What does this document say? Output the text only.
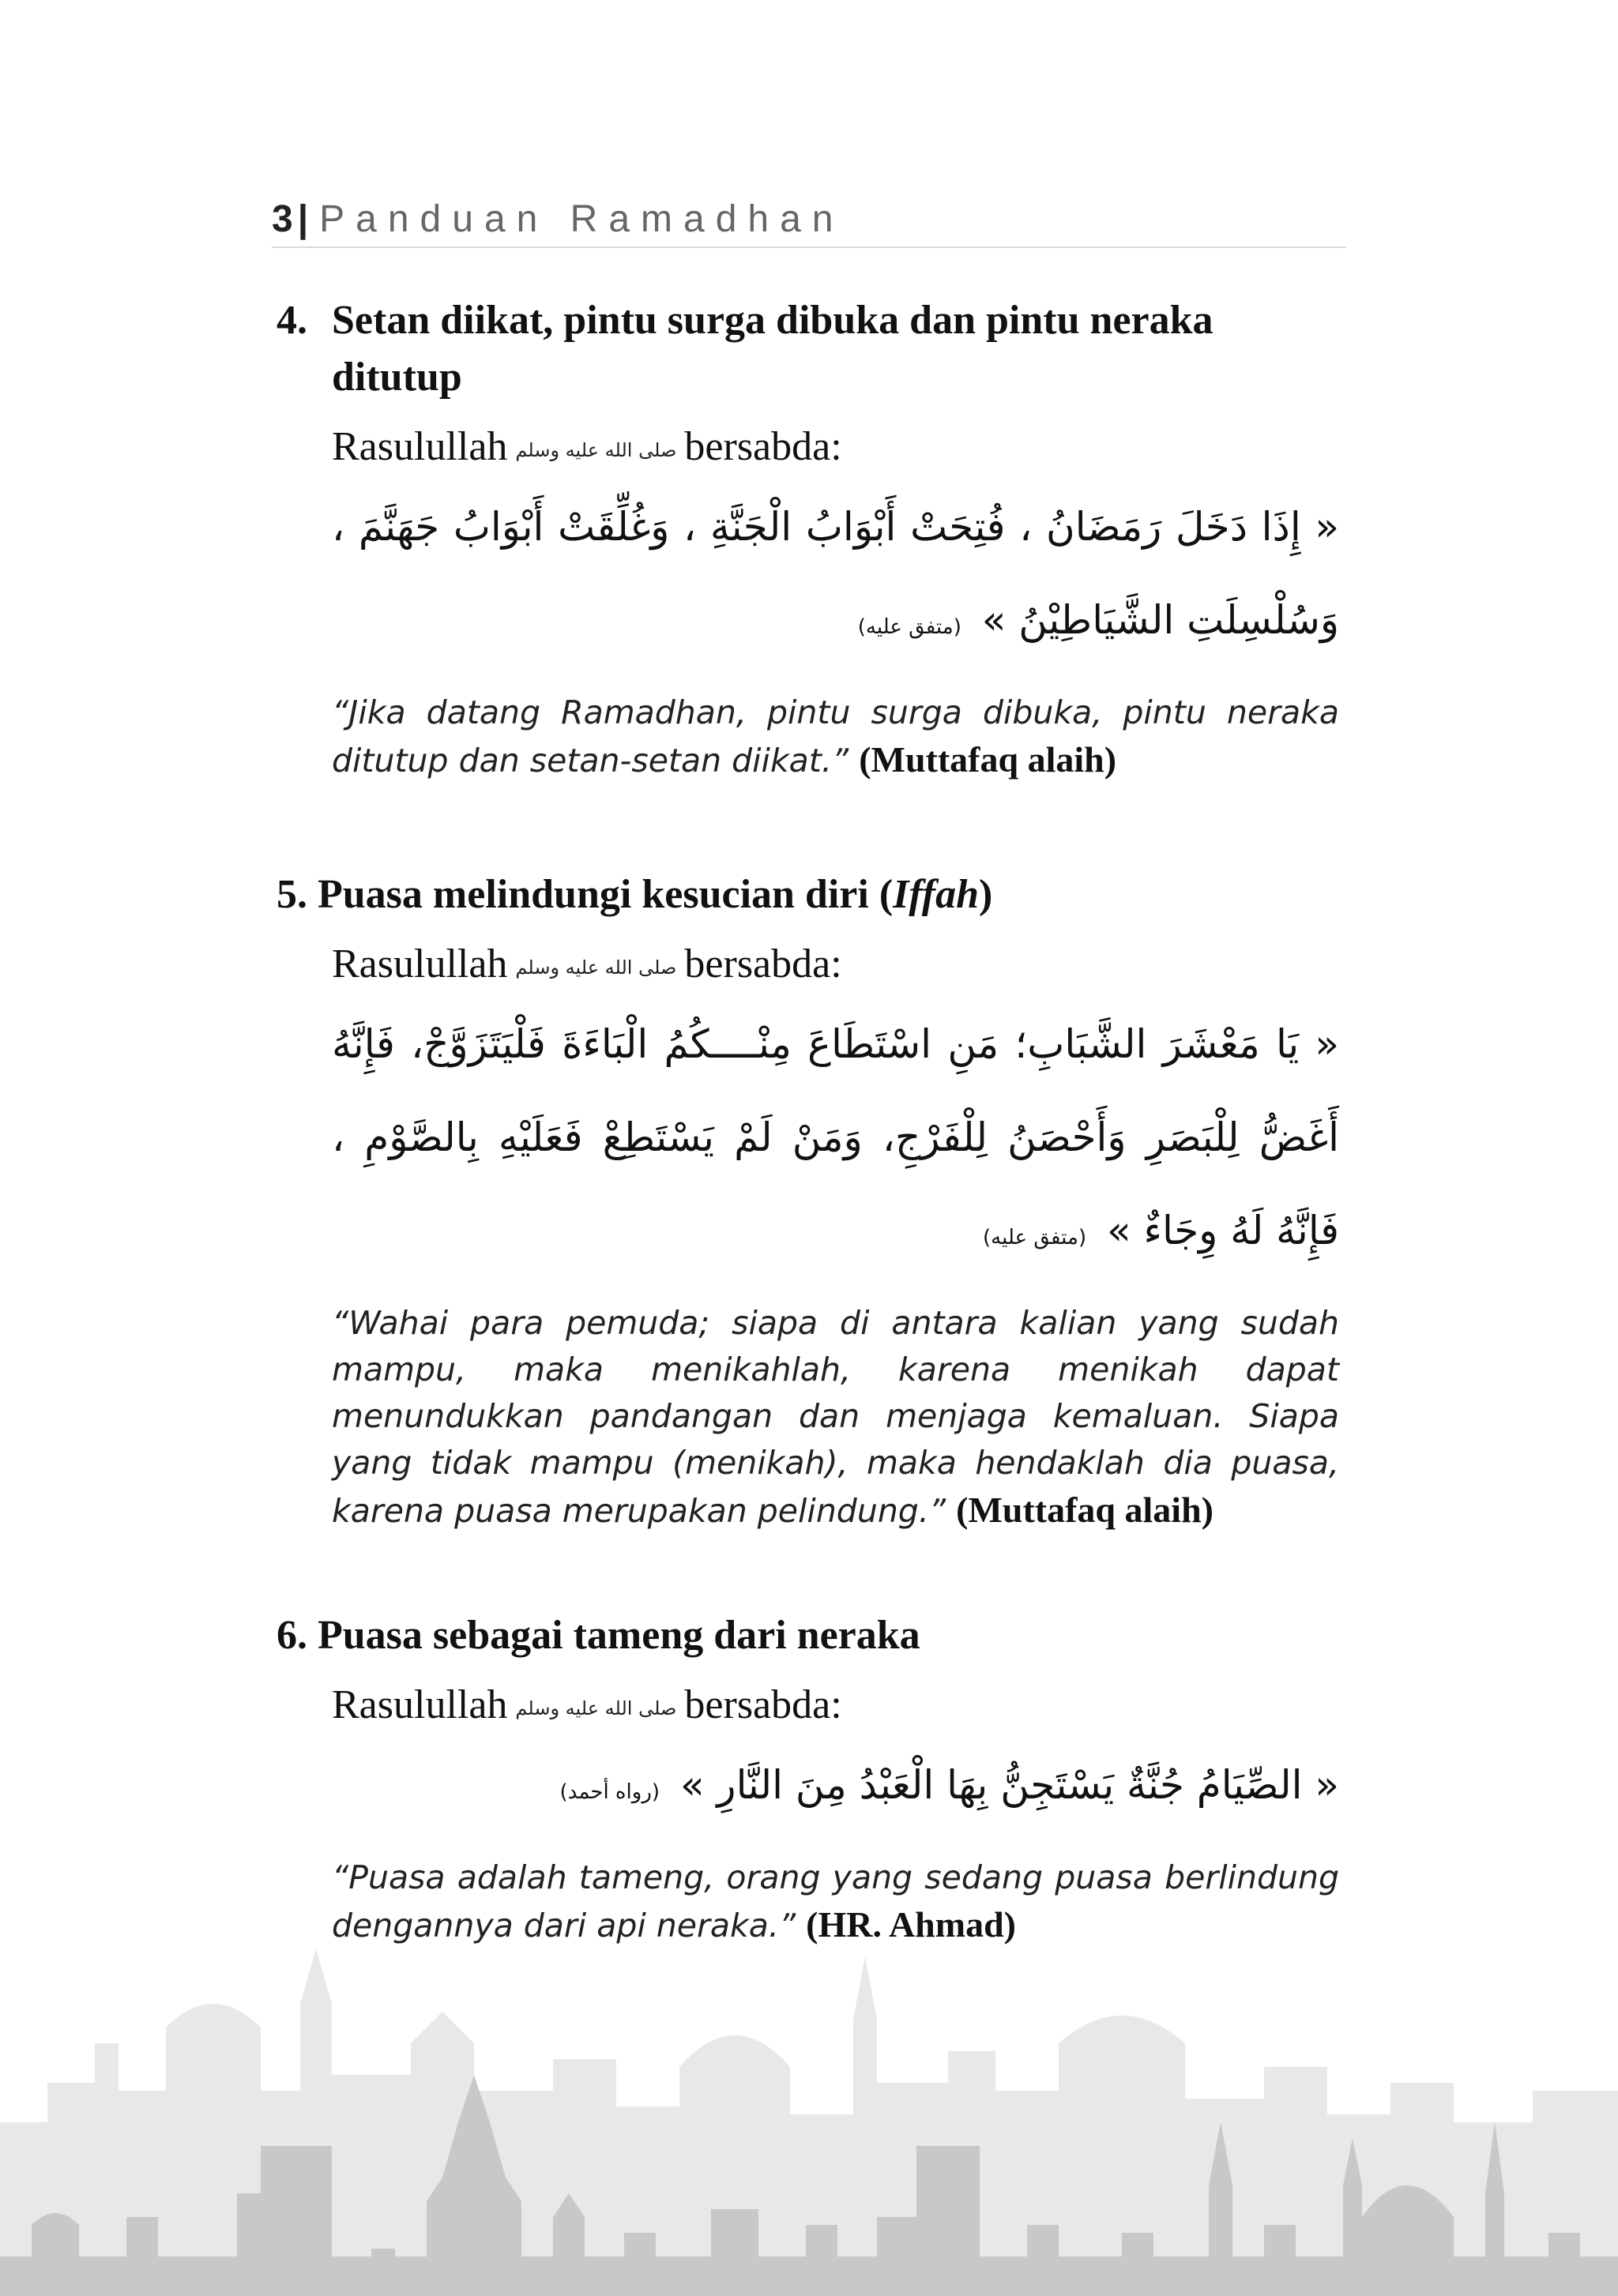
3 | Panduan Ramadhan

4. Setan diikat, pintu surga dibuka dan pintu neraka ditutup

Rasulullah صلى الله عليه وسلم bersabda:
« إِذَا دَخَلَ رَمَضَانُ ، فُتِحَتْ أَبْوَابُ الْجَنَّةِ ، وَغُلِّقَتْ أَبْوَابُ جَهَنَّمَ ، وَسُلْسِلَتِ الشَّيَاطِيْنُ » (متفق عليه)
“Jika datang Ramadhan, pintu surga dibuka, pintu neraka ditutup dan setan-setan diikat.” (Muttafaq alaih)

5. Puasa melindungi kesucian diri (Iffah)

Rasulullah صلى الله عليه وسلم bersabda:
« يَا مَعْشَرَ الشَّبَابِ؛ مَنِ اسْتَطَاعَ مِنْــــكُمُ الْبَاءَةَ فَلْيَتَزَوَّجْ، فَإِنَّهُ أَغَضُّ لِلْبَصَرِ وَأَحْصَنُ لِلْفَرْجِ، وَمَنْ لَمْ يَسْتَطِعْ فَعَلَيْهِ بِالصَّوْمِ ، فَإِنَّهُ لَهُ وِجَاءٌ » (متفق عليه)
“Wahai para pemuda; siapa di antara kalian yang sudah mampu, maka menikahlah, karena menikah dapat menundukkan pandangan dan menjaga kemaluan. Siapa yang tidak mampu (menikah), maka hendaklah dia puasa, karena puasa merupakan pelindung.” (Muttafaq alaih)

6. Puasa sebagai tameng dari neraka

Rasulullah صلى الله عليه وسلم bersabda:
« الصِّيَامُ جُنَّةٌ يَسْتَجِنُّ بِهَا الْعَبْدُ مِنَ النَّارِ » (رواه أحمد)
“Puasa adalah tameng, orang yang sedang puasa berlindung dengannya dari api neraka.” (HR. Ahmad)
